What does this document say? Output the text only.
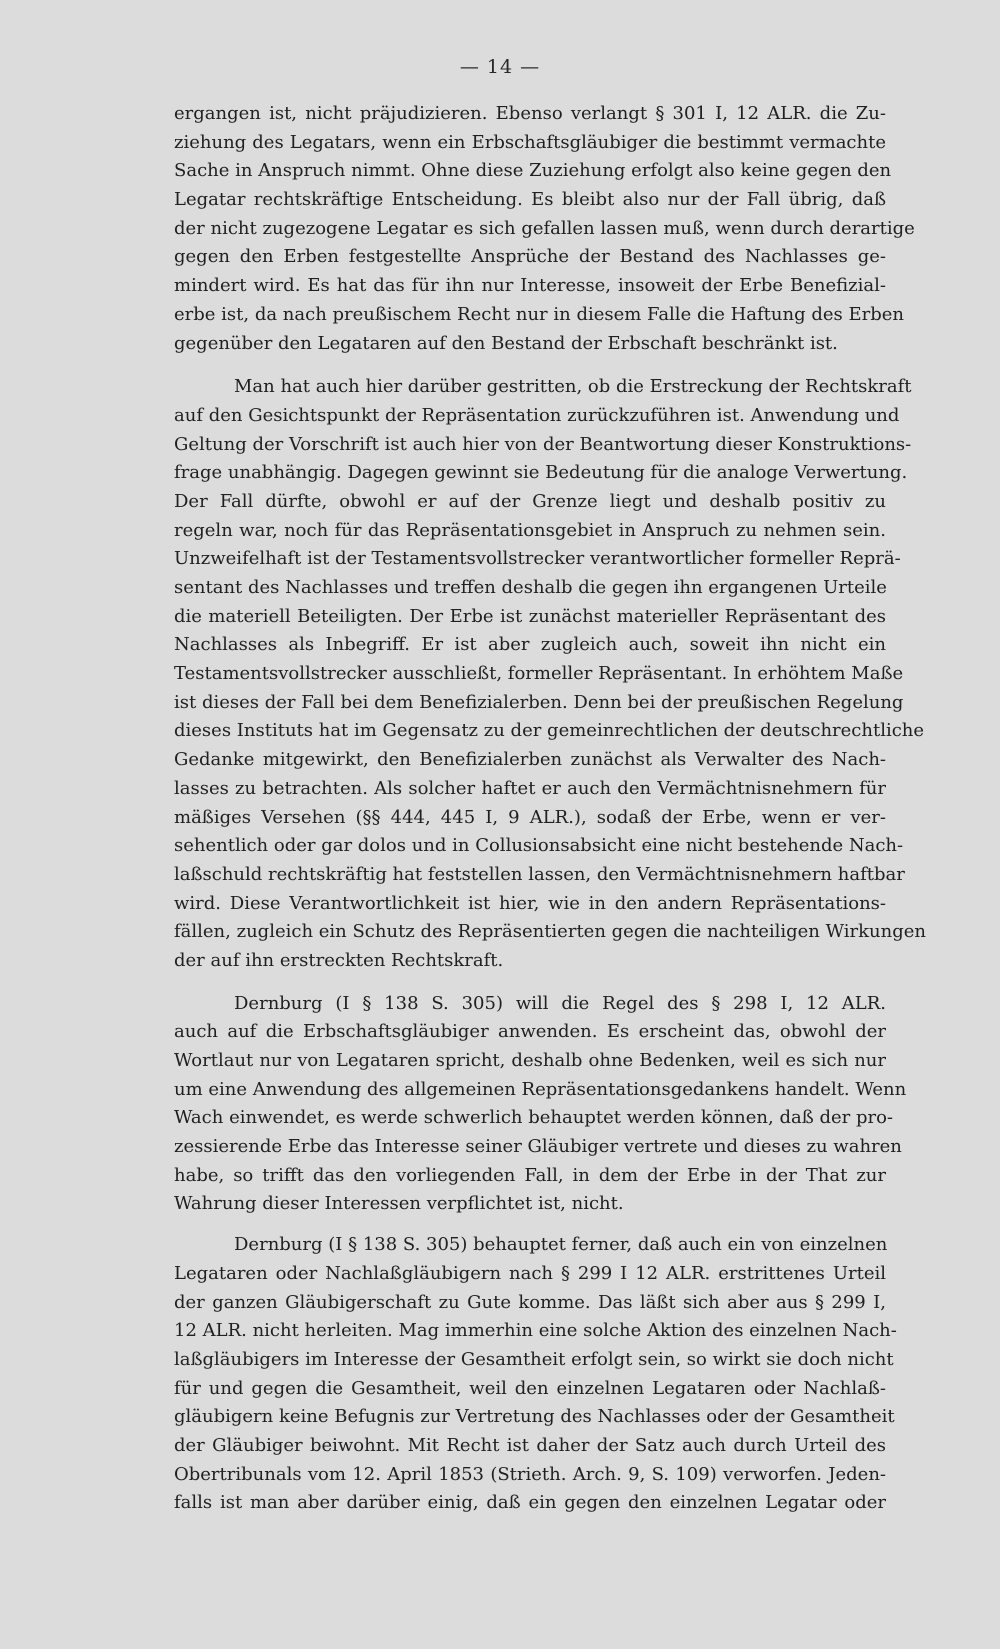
— 14 —
ergangen ist, nicht präjudizieren. Ebenso verlangt § 301 I, 12 ALR. die Zu-
ziehung des Legatars, wenn ein Erbschaftsgläubiger die bestimmt vermachte
Sache in Anspruch nimmt. Ohne diese Zuziehung erfolgt also keine gegen den
Legatar rechtskräftige Entscheidung. Es bleibt also nur der Fall übrig, daß
der nicht zugezogene Legatar es sich gefallen lassen muß, wenn durch derartige
gegen den Erben festgestellte Ansprüche der Bestand des Nachlasses ge-
mindert wird. Es hat das für ihn nur Interesse, insoweit der Erbe Benefizial-
erbe ist, da nach preußischem Recht nur in diesem Falle die Haftung des Erben
gegenüber den Legataren auf den Bestand der Erbschaft beschränkt ist.
Man hat auch hier darüber gestritten, ob die Erstreckung der Rechtskraft
auf den Gesichtspunkt der Repräsentation zurückzuführen ist. Anwendung und
Geltung der Vorschrift ist auch hier von der Beantwortung dieser Konstruktions-
frage unabhängig. Dagegen gewinnt sie Bedeutung für die analoge Verwertung.
Der Fall dürfte, obwohl er auf der Grenze liegt und deshalb positiv zu
regeln war, noch für das Repräsentationsgebiet in Anspruch zu nehmen sein.
Unzweifelhaft ist der Testamentsvollstrecker verantwortlicher formeller Reprä-
sentant des Nachlasses und treffen deshalb die gegen ihn ergangenen Urteile
die materiell Beteiligten. Der Erbe ist zunächst materieller Repräsentant des
Nachlasses als Inbegriff. Er ist aber zugleich auch, soweit ihn nicht ein
Testamentsvollstrecker ausschließt, formeller Repräsentant. In erhöhtem Maße
ist dieses der Fall bei dem Benefizialerben. Denn bei der preußischen Regelung
dieses Instituts hat im Gegensatz zu der gemeinrechtlichen der deutschrechtliche
Gedanke mitgewirkt, den Benefizialerben zunächst als Verwalter des Nach-
lasses zu betrachten. Als solcher haftet er auch den Vermächtnisnehmern für
mäßiges Versehen (§§ 444, 445 I, 9 ALR.), sodaß der Erbe, wenn er ver-
sehentlich oder gar dolos und in Collusionsabsicht eine nicht bestehende Nach-
laßschuld rechtskräftig hat feststellen lassen, den Vermächtnisnehmern haftbar
wird. Diese Verantwortlichkeit ist hier, wie in den andern Repräsentations-
fällen, zugleich ein Schutz des Repräsentierten gegen die nachteiligen Wirkungen
der auf ihn erstreckten Rechtskraft.
Dernburg (I § 138 S. 305) will die Regel des § 298 I, 12 ALR.
auch auf die Erbschaftsgläubiger anwenden. Es erscheint das, obwohl der
Wortlaut nur von Legataren spricht, deshalb ohne Bedenken, weil es sich nur
um eine Anwendung des allgemeinen Repräsentationsgedankens handelt. Wenn
Wach einwendet, es werde schwerlich behauptet werden können, daß der pro-
zessierende Erbe das Interesse seiner Gläubiger vertrete und dieses zu wahren
habe, so trifft das den vorliegenden Fall, in dem der Erbe in der That zur
Wahrung dieser Interessen verpflichtet ist, nicht.
Dernburg (I § 138 S. 305) behauptet ferner, daß auch ein von einzelnen
Legataren oder Nachlaßgläubigern nach § 299 I 12 ALR. erstrittenes Urteil
der ganzen Gläubigerschaft zu Gute komme. Das läßt sich aber aus § 299 I,
12 ALR. nicht herleiten. Mag immerhin eine solche Aktion des einzelnen Nach-
laßgläubigers im Interesse der Gesamtheit erfolgt sein, so wirkt sie doch nicht
für und gegen die Gesamtheit, weil den einzelnen Legataren oder Nachlaß-
gläubigern keine Befugnis zur Vertretung des Nachlasses oder der Gesamtheit
der Gläubiger beiwohnt. Mit Recht ist daher der Satz auch durch Urteil des
Obertribunals vom 12. April 1853 (Strieth. Arch. 9, S. 109) verworfen. Jeden-
falls ist man aber darüber einig, daß ein gegen den einzelnen Legatar oder
